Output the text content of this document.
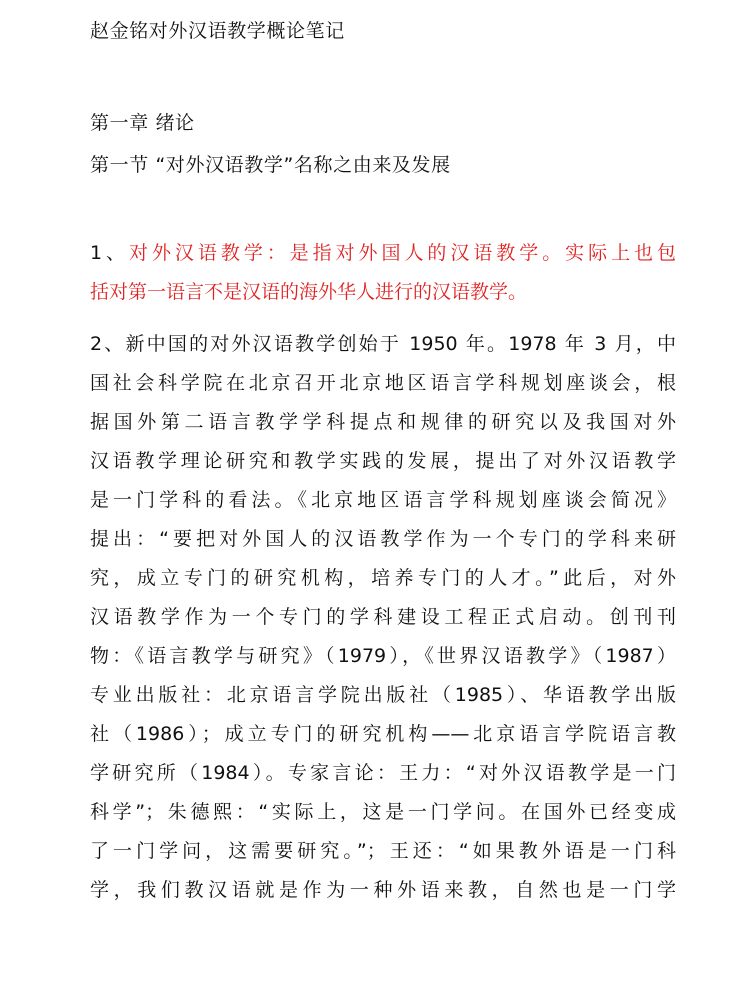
赵金铭对外汉语教学概论笔记
第一章 绪论
第一节 “对外汉语教学”名称之由来及发展
1、对外汉语教学：是指对外国人的汉语教学。实际上也包
括对第一语言不是汉语的海外华人进行的汉语教学。
2、新中国的对外汉语教学创始于 1950 年。1978 年 3 月，中
国社会科学院在北京召开北京地区语言学科规划座谈会，根
据国外第二语言教学学科提点和规律的研究以及我国对外
汉语教学理论研究和教学实践的发展，提出了对外汉语教学
是一门学科的看法。《北京地区语言学科规划座谈会简况》
提出：“要把对外国人的汉语教学作为一个专门的学科来研
究，成立专门的研究机构，培养专门的人才。”此后，对外
汉语教学作为一个专门的学科建设工程正式启动。创刊刊
物：《语言教学与研究》（1979），《世界汉语教学》（1987）
专业出版社：北京语言学院出版社（1985）、华语教学出版
社（1986）；成立专门的研究机构——北京语言学院语言教
学研究所（1984）。专家言论：王力：“对外汉语教学是一门
科学”；朱德熙：“实际上，这是一门学问。在国外已经变成
了一门学问，这需要研究。”；王还：“如果教外语是一门科
学，我们教汉语就是作为一种外语来教，自然也是一门学
